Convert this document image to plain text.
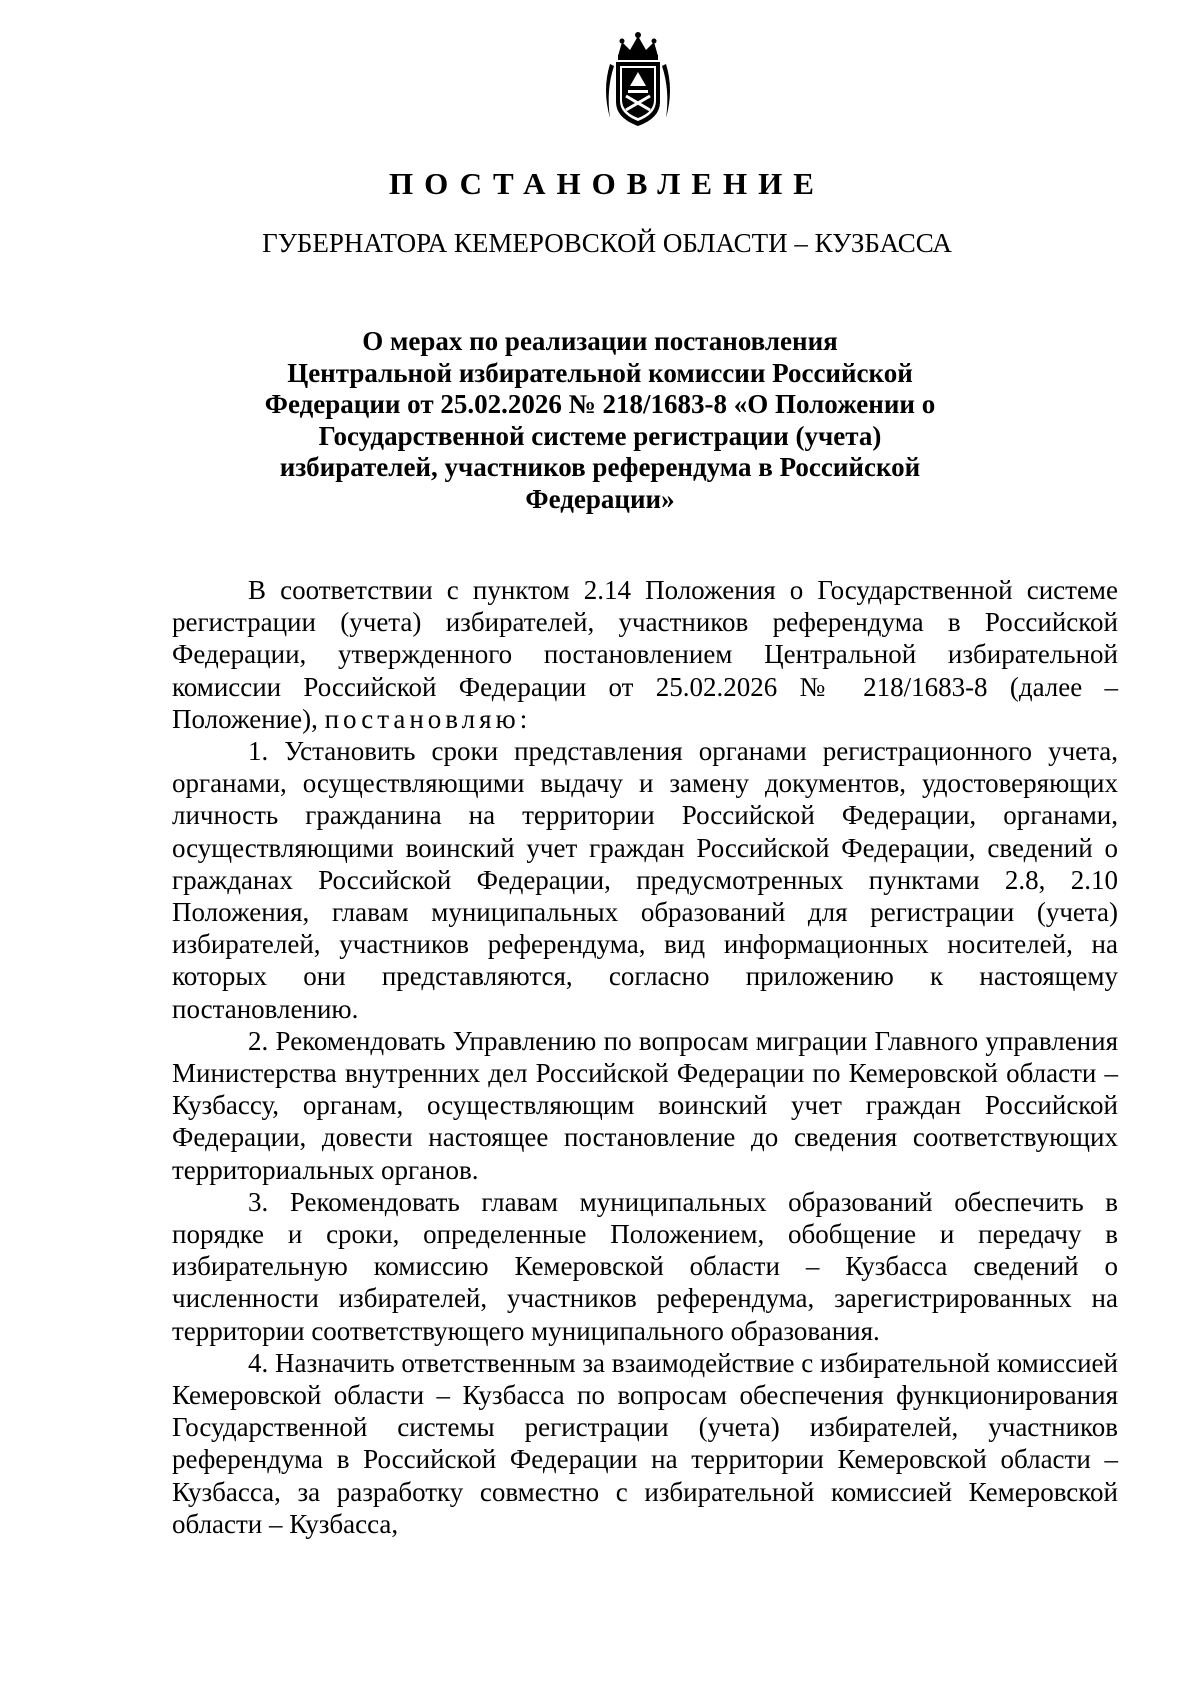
ПОСТАНОВЛЕНИЕ
ГУБЕРНАТОРА КЕМЕРОВСКОЙ ОБЛАСТИ – КУЗБАССА
О мерах по реализации постановления
Центральной избирательной комиссии Российской
Федерации от 25.02.2026 № 218/1683-8 «О Положении о
Государственной системе регистрации (учета)
избирателей, участников референдума в Российской
Федерации»

В соответствии с пунктом 2.14 Положения о Государственной системе регистрации (учета) избирателей, участников референдума в Российской Федерации, утвержденного постановлением Центральной избирательной комиссии Российской Федерации от 25.02.2026 № 218/1683-8 (далее – Положение), постановляю:

1. Установить сроки представления органами регистрационного учета, органами, осуществляющими выдачу и замену документов, удостоверяющих личность гражданина на территории Российской Федерации, органами, осуществляющими воинский учет граждан Российской Федерации, сведений о гражданах Российской Федерации, предусмотренных пунктами 2.8, 2.10 Положения, главам муниципальных образований для регистрации (учета) избирателей, участников референдума, вид информационных носителей, на которых они представляются, согласно приложению к настоящему постановлению.

2. Рекомендовать Управлению по вопросам миграции Главного управления Министерства внутренних дел Российской Федерации по Кемеровской области – Кузбассу, органам, осуществляющим воинский учет граждан Российской Федерации, довести настоящее постановление до сведения соответствующих территориальных органов.

3. Рекомендовать главам муниципальных образований обеспечить в порядке и сроки, определенные Положением, обобщение и передачу в избирательную комиссию Кемеровской области – Кузбасса сведений о численности избирателей, участников референдума, зарегистрированных на территории соответствующего муниципального образования.

4. Назначить ответственным за взаимодействие с избирательной комиссией Кемеровской области – Кузбасса по вопросам обеспечения функционирования Государственной системы регистрации (учета) избирателей, участников референдума в Российской Федерации на территории Кемеровской области – Кузбасса, за разработку совместно с избирательной комиссией Кемеровской области – Кузбасса,
